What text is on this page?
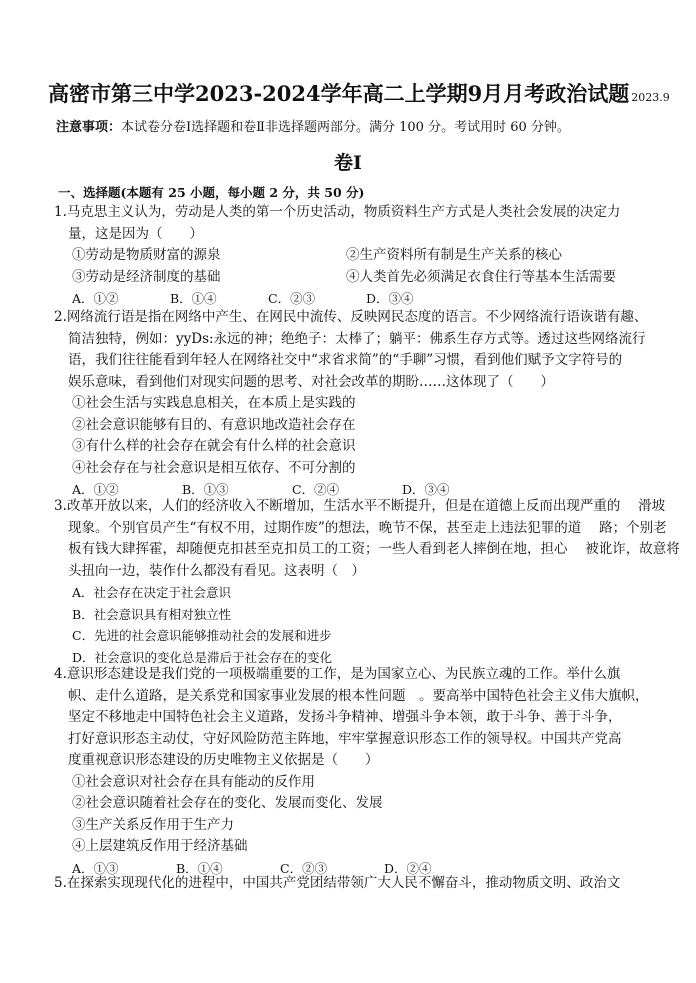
高密市第三中学2023-2024学年高二上学期9月月考政治试题 2023.9
注意事项：本试卷分卷Ⅰ选择题和卷Ⅱ非选择题两部分。满分 100 分。考试用时 60 分钟。
卷Ⅰ
一、选择题(本题有 25 小题，每小题 2 分，共 50 分)

1.马克思主义认为，劳动是人类的第一个历史活动，物质资料生产方式是人类社会发展的决定力

量，这是因为（　　）

①劳动是物质财富的源泉	②生产资料所有制是生产关系的核心
③劳动是经济制度的基础	④人类首先必须满足衣食住行等基本生活需要
A．①②	B．①④	C．②③	D．③④

2.网络流行语是指在网络中产生、在网民中流传、反映网民态度的语言。不少网络流行语诙谐有趣、

简洁独特，例如：yyDs:永远的神；绝绝子：太棒了；躺平：佛系生存方式等。透过这些网络流行

语，我们往往能看到年轻人在网络社交中“求省求简”的“手聊”习惯，看到他们赋予文字符号的

娱乐意味，看到他们对现实问题的思考、对社会改革的期盼……这体现了（　　）

①社会生活与实践息息相关，在本质上是实践的

②社会意识能够有目的、有意识地改造社会存在

③有什么样的社会存在就会有什么样的社会意识

④社会存在与社会意识是相互依存、不可分割的

A．①②	B．①③	C．②④	D．③④

3.改革开放以来，人们的经济收入不断增加，生活水平不断提升，但是在道德上反而出现严重的　 滑坡

现象。个别官员产生“有权不用，过期作废”的想法，晚节不保，甚至走上违法犯罪的道　 路；个别老

板有钱大肆挥霍，却随便克扣甚至克扣员工的工资；一些人看到老人摔倒在地，担心　 被讹诈，故意将

头扭向一边，装作什么都没有看见。这表明（　）

A．社会存在决定于社会意识

B．社会意识具有相对独立性

C．先进的社会意识能够推动社会的发展和进步

D．社会意识的变化总是滞后于社会存在的变化

4.意识形态建设是我们党的一项极端重要的工作，是为国家立心、为民族立魂的工作。举什么旗

帜、走什么道路，是关系党和国家事业发展的根本性问题　。要高举中国特色社会主义伟大旗帜，

坚定不移地走中国特色社会主义道路，发扬斗争精神、增强斗争本领，敢于斗争、善于斗争，

打好意识形态主动仗，守好风险防范主阵地，牢牢掌握意识形态工作的领导权。中国共产党高

度重视意识形态建设的历史唯物主义依据是（　　）

①社会意识对社会存在具有能动的反作用

②社会意识随着社会存在的变化、发展而变化、发展

③生产关系反作用于生产力

④上层建筑反作用于经济基础

A．①③	B．①④	C．②③	D．②④

5.在探索实现现代化的进程中，中国共产党团结带领广大人民不懈奋斗，推动物质文明、政治文
